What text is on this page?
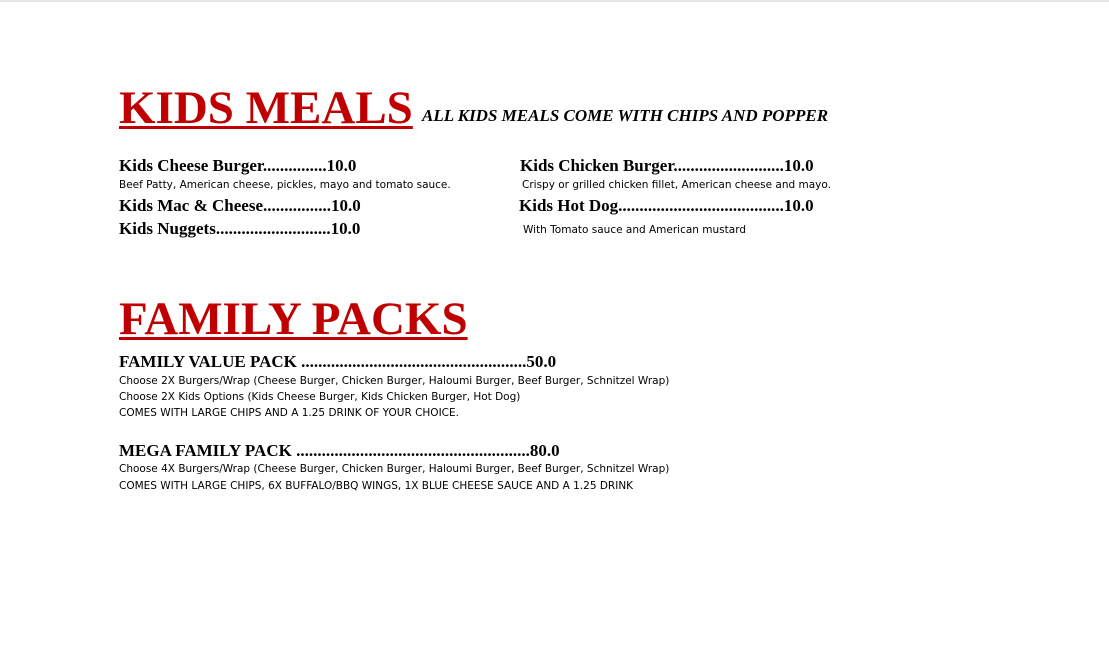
KIDS MEALS ALL KIDS MEALS COME WITH CHIPS AND POPPER
Kids Cheese Burger...............10.0
Beef Patty, American cheese, pickles, mayo and tomato sauce.
Kids Chicken Burger..........................10.0
Crispy or grilled chicken fillet, American cheese and mayo.
Kids Mac & Cheese................10.0	Kids Hot Dog.......................................10.0
With Tomato sauce and American mustard
Kids Nuggets...........................10.0
FAMILY PACKS
FAMILY VALUE PACK .....................................................50.0
Choose 2X Burgers/Wrap (Cheese Burger, Chicken Burger, Haloumi Burger, Beef Burger, Schnitzel Wrap)
Choose 2X Kids Options (Kids Cheese Burger, Kids Chicken Burger, Hot Dog)
COMES WITH LARGE CHIPS AND A 1.25 DRINK OF YOUR CHOICE.
MEGA FAMILY PACK .......................................................80.0
Choose 4X Burgers/Wrap (Cheese Burger, Chicken Burger, Haloumi Burger, Beef Burger, Schnitzel Wrap)
COMES WITH LARGE CHIPS, 6X BUFFALO/BBQ WINGS, 1X BLUE CHEESE SAUCE AND A 1.25 DRINK
